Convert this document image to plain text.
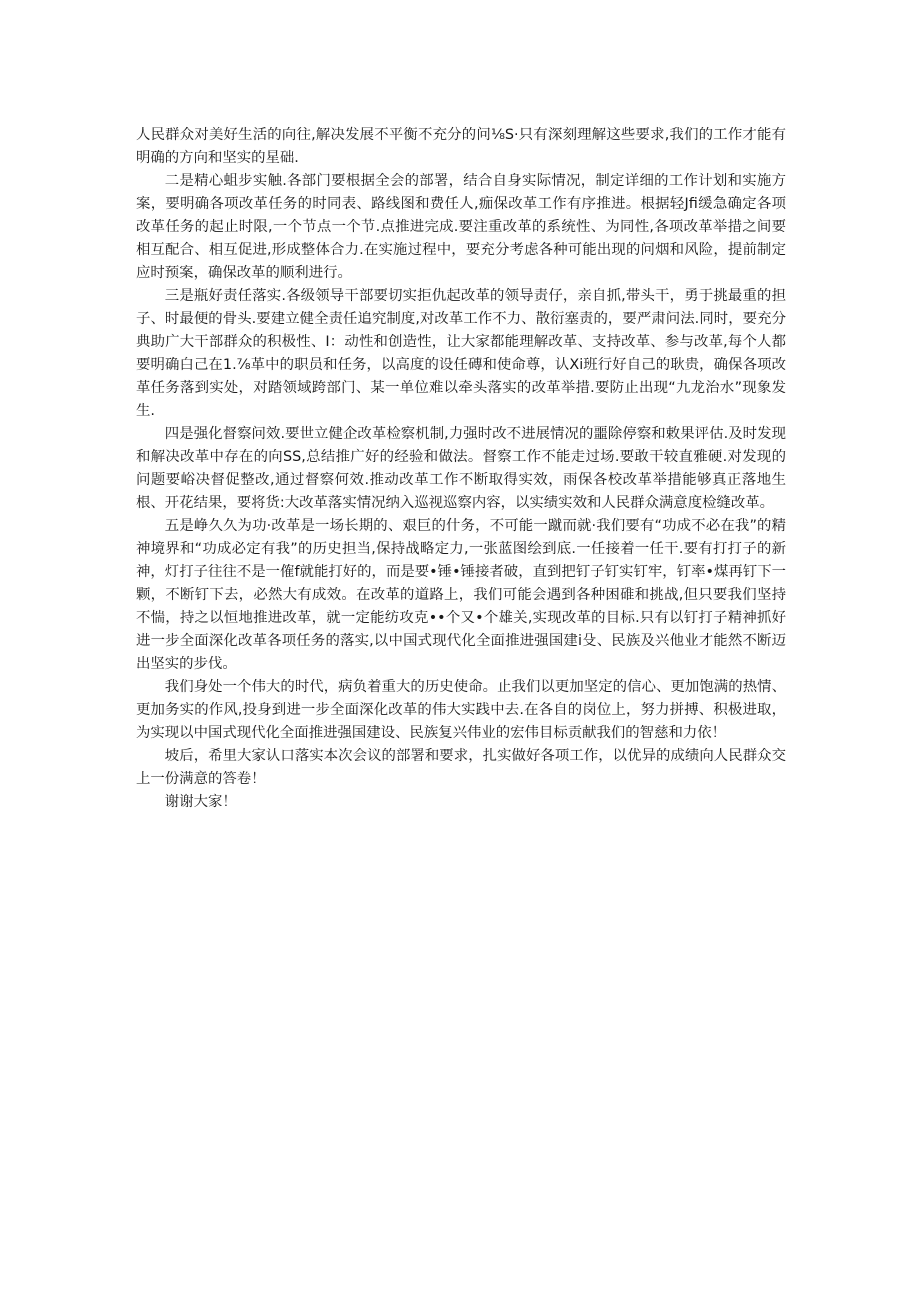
人民群众对美好生活的向往,解决发展不平衡不充分的问⅛S·只有深刻理解这些要求,我们的工作才能有明确的方向和坚实的星础.

二是精心蛆步实触.各部门要根据全会的部署，结合自身实际情况，制定详细的工作计划和实施方案，要明确各项改革任务的时同表、路线图和费任人,痂保改革工作有序推进。根据轻Jfi缓急确定各项改革任务的起止时限,一个节点一个节.点推进完成.要注重改革的系统性、为同性,各项改革举措之间要相互配合、相互促进,形成整体合力.在实施过程中，要充分考虑各种可能出现的问烟和风险，提前制定应时预案，确保改革的顺利进行。

三是瓶好责任落实.各级领导干部要切实拒仇起改革的领导责仔，亲自抓,带头干，勇于挑最重的担子、时最便的骨头.要建立健全责任追究制度,对改革工作不力、散衍塞责的，要严肃问法.同时，要充分典助广大干部群众的积极性、I：动性和创造性，让大家都能理解改革、支持改革、参与改革,每个人都要明确白己在1.⅞革中的职员和任务，以高度的设任磚和使命尊，认Xi班行好自己的耿贵，确保各项改革任务落到实处，对踏领域跨部门、某一单位难以牵头落实的改革举措.要防止出现“九龙治水”现象发生.

四是强化督察问效.要世立健企改革检察机制,力强时改不进展情况的噩除停察和敕果评估.及时发现和解决改革中存在的向SS,总结推广好的经验和做法。督察工作不能走过场.要敢干较直雅硬.对发现的问题要峪决督促整改,通过督察何效.推动改革工作不断取得实效，雨保各校改革举措能够真正落地生根、开花结果，要将货:大改革落实情况纳入巡视巡察内容，以实绩实效和人民群众满意度检缝改革。

五是峥久久为功·改革是一场长期的、艰巨的什务，不可能一蹴而就·我们要有“功成不必在我”的精神境界和“功成必定有我”的历史担当,保持战略定力,一张蓝图绘到底.一任接着一任干.要有打打子的新神，灯打子往往不是一傕f就能打好的，而是要•锤•锤接者破，直到把钉子钉实钉牢，钉率•煤再钉下一颗，不断钉下去，必然大有成效。在改革的道路上，我们可能会遇到各种困碓和挑战,但只要我们坚持不惴，持之以恒地推进改革，就一定能纺攻克••个又•个雄关,实现改革的目标.只有以钉打子精神抓好进一步全面深化改革各项任务的落实,以中国式现代化全面推进强国建i殳、民族及兴他业才能然不断迈出坚实的步伐。

我们身处一个伟大的时代，病负着重大的历史使命。止我们以更加坚定的信心、更加饱满的热情、更加务实的作风,投身到进一步全面深化改革的伟大实践中去.在各自的岗位上，努力拼搏、积极进取，为实现以中国式现代化全面推进强国建设、民族复兴伟业的宏伟目标贡献我们的智慈和力依！

坡后，希里大家认口落实本次会议的部署和要求，扎实做好各项工作，以优异的成绩向人民群众交上一份满意的答卷！

谢谢大家！
